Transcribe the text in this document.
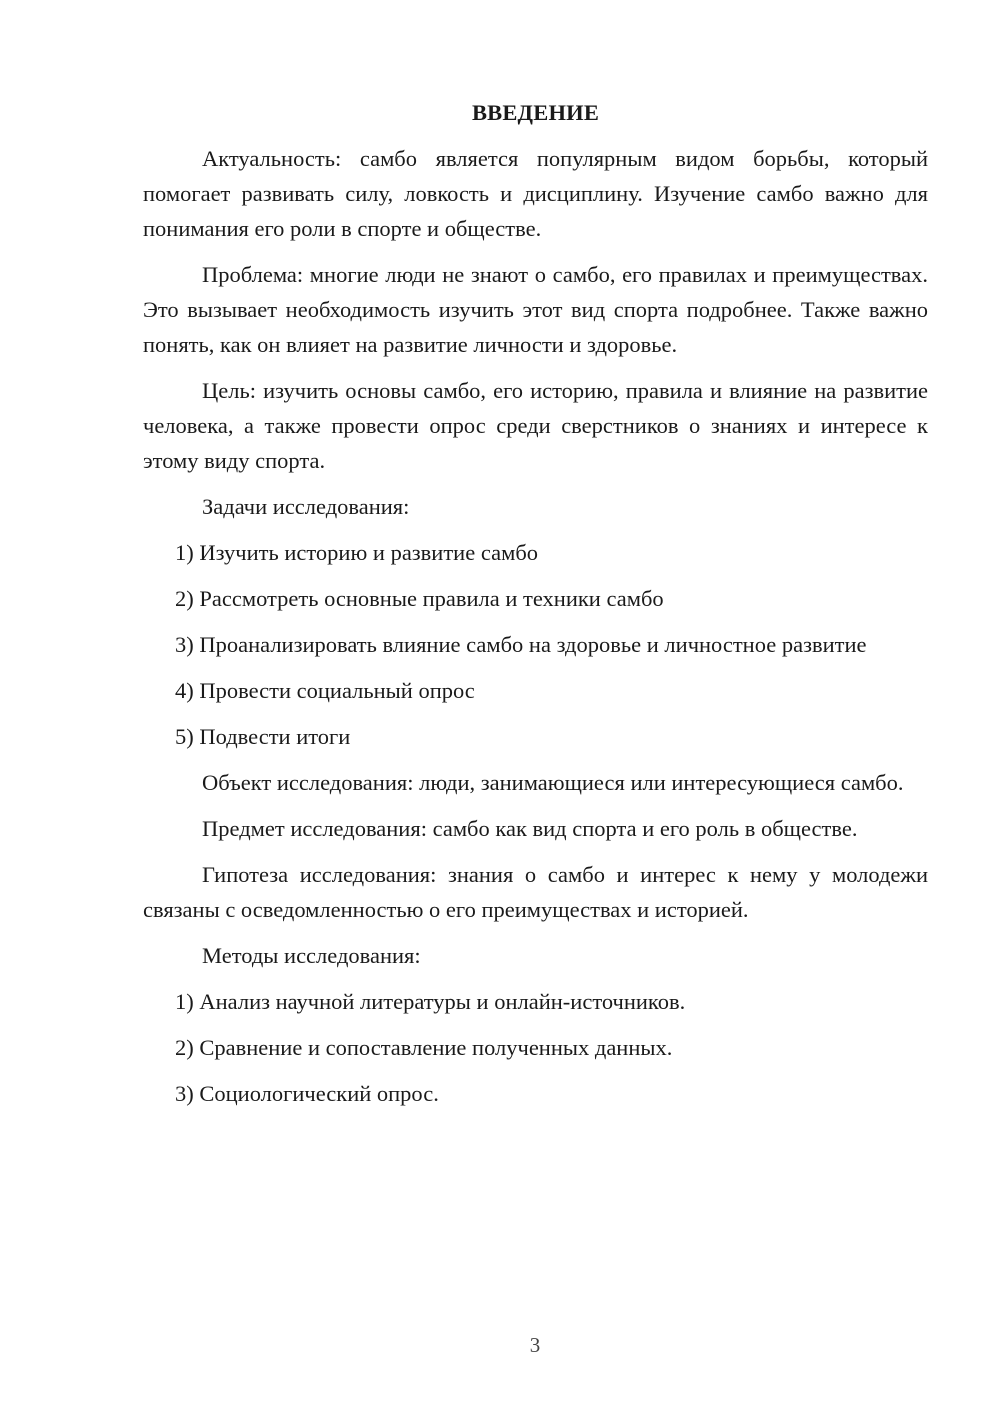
ВВЕДЕНИЕ
Актуальность: самбо является популярным видом борьбы, который помогает развивать силу, ловкость и дисциплину. Изучение самбо важно для понимания его роли в спорте и обществе.
Проблема: многие люди не знают о самбо, его правилах и преимуществах. Это вызывает необходимость изучить этот вид спорта подробнее. Также важно понять, как он влияет на развитие личности и здоровье.
Цель: изучить основы самбо, его историю, правила и влияние на развитие человека, а также провести опрос среди сверстников о знаниях и интересе к этому виду спорта.
Задачи исследования:
1) Изучить историю и развитие самбо
2) Рассмотреть основные правила и техники самбо
3) Проанализировать влияние самбо на здоровье и личностное развитие
4) Провести социальный опрос
5) Подвести итоги
Объект исследования: люди, занимающиеся или интересующиеся самбо.
Предмет исследования: самбо как вид спорта и его роль в обществе.
Гипотеза исследования: знания о самбо и интерес к нему у молодежи связаны с осведомленностью о его преимуществах и историей.
Методы исследования:
1) Анализ научной литературы и онлайн-источников.
2) Сравнение и сопоставление полученных данных.
3) Социологический опрос.
3
